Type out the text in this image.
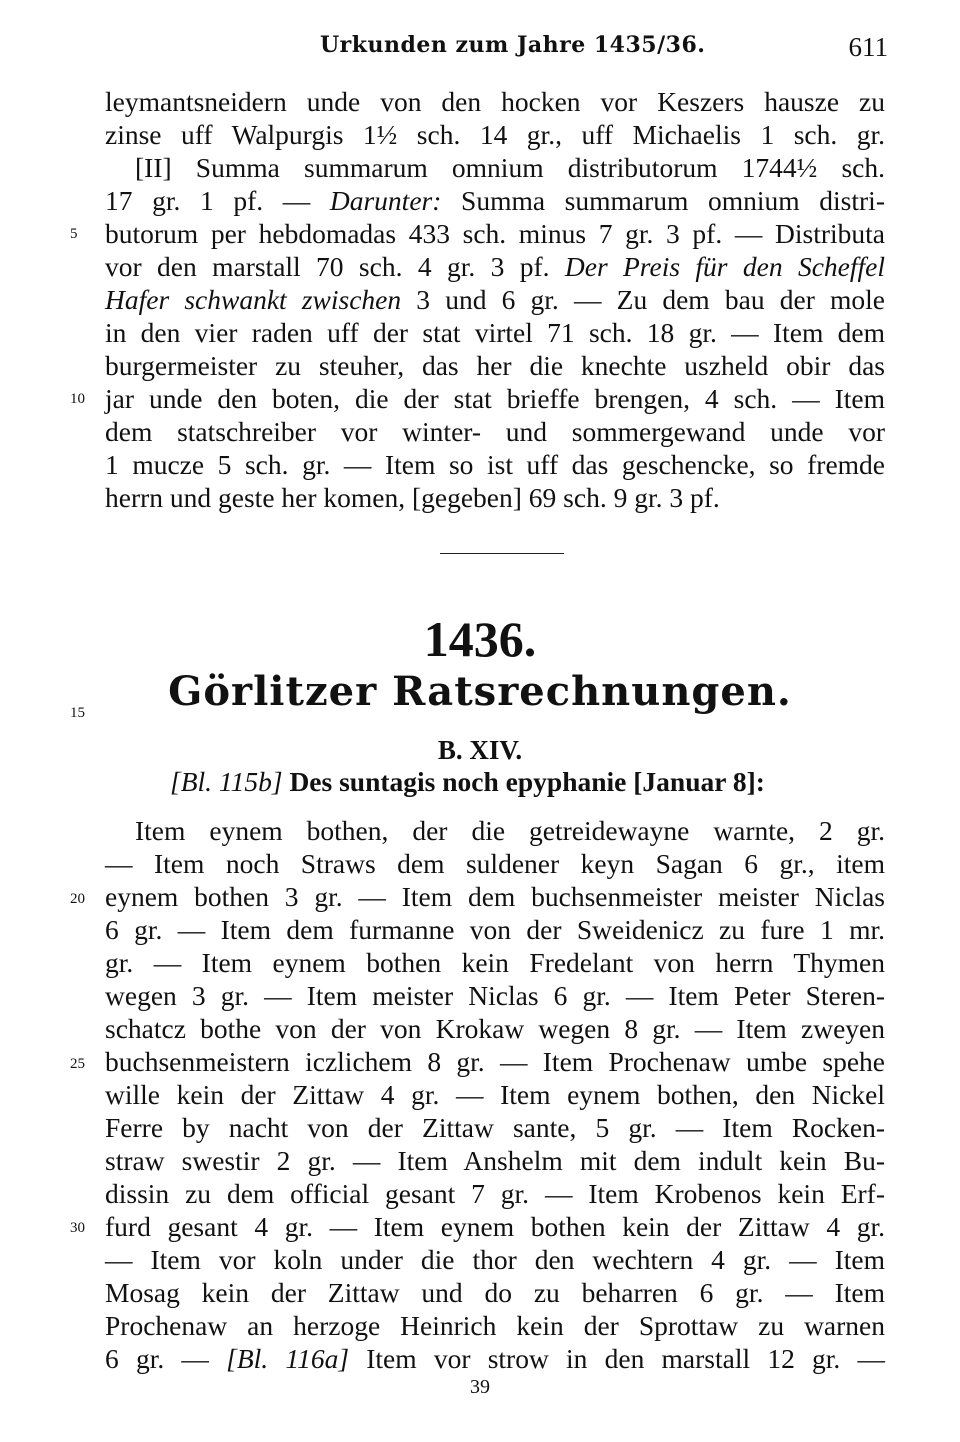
Urkunden zum Jahre 1435/36.	611
leymantsneidern unde von den hocken vor Keszers hausze zu
zinse uff Walpurgis 1½ sch. 14 gr., uff Michaelis 1 sch. gr.
[II] Summa summarum omnium distributorum 1744½ sch.
17 gr. 1 pf. — Darunter: Summa summarum omnium distri-
butorum per hebdomadas 433 sch. minus 7 gr. 3 pf. — Distributa
vor den marstall 70 sch. 4 gr. 3 pf. Der Preis für den Scheffel
Hafer schwankt zwischen 3 und 6 gr. — Zu dem bau der mole
in den vier raden uff der stat virtel 71 sch. 18 gr. — Item dem
burgermeister zu steuher, das her die knechte uszheld obir das
jar unde den boten, die der stat brieffe brengen, 4 sch. — Item
dem statschreiber vor winter- und sommergewand unde vor
1 mucze 5 sch. gr. — Item so ist uff das geschencke, so fremde
herrn und geste her komen, [gegeben] 69 sch. 9 gr. 3 pf.
5
10
15
20
25
30
1436.
Görlitzer Ratsrechnungen.
B. XIV.
[Bl. 115b] Des suntagis noch epyphanie [Januar 8]:
Item eynem bothen, der die getreidewayne warnte, 2 gr.
— Item noch Straws dem suldener keyn Sagan 6 gr., item
eynem bothen 3 gr. — Item dem buchsenmeister meister Niclas
6 gr. — Item dem furmanne von der Sweidenicz zu fure 1 mr.
gr. — Item eynem bothen kein Fredelant von herrn Thymen
wegen 3 gr. — Item meister Niclas 6 gr. — Item Peter Steren-
schatcz bothe von der von Krokaw wegen 8 gr. — Item zweyen
buchsenmeistern iczlichem 8 gr. — Item Prochenaw umbe spehe
wille kein der Zittaw 4 gr. — Item eynem bothen, den Nickel
Ferre by nacht von der Zittaw sante, 5 gr. — Item Rocken-
straw swestir 2 gr. — Item Anshelm mit dem indult kein Bu-
dissin zu dem official gesant 7 gr. — Item Krobenos kein Erf-
furd gesant 4 gr. — Item eynem bothen kein der Zittaw 4 gr.
— Item vor koln under die thor den wechtern 4 gr. — Item
Mosag kein der Zittaw und do zu beharren 6 gr. — Item
Prochenaw an herzoge Heinrich kein der Sprottaw zu warnen
6 gr. — [Bl. 116a] Item vor strow in den marstall 12 gr. —
39
